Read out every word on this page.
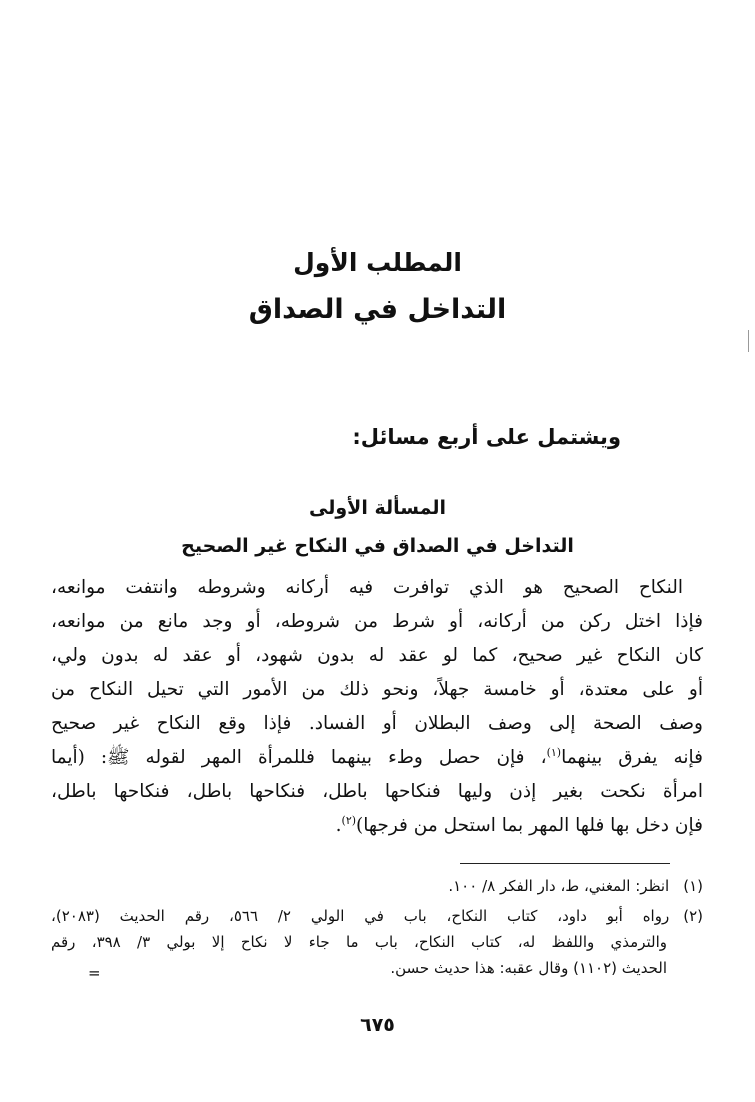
المطلب الأول
التداخل في الصداق
ويشتمل على أربع مسائل:
المسألة الأولى
التداخل في الصداق في النكاح غير الصحيح
النكاح الصحيح هو الذي توافرت فيه أركانه وشروطه وانتفت موانعه،
فإذا اختل ركن من أركانه، أو شرط من شروطه، أو وجد مانع من موانعه،
كان النكاح غير صحيح، كما لو عقد له بدون شهود، أو عقد له بدون ولي،
أو على معتدة، أو خامسة جهلاً، ونحو ذلك من الأمور التي تحيل النكاح من
وصف الصحة إلى وصف البطلان أو الفساد. فإذا وقع النكاح غير صحيح
فإنه يفرق بينهما$^{(١)}$، فإن حصل وطء بينهما فللمرأة المهر لقوله ﷺ: (أيما
امرأة نكحت بغير إذن وليها فنكاحها باطل، فنكاحها باطل، فنكاحها باطل،
فإن دخل بها فلها المهر بما استحل من فرجها)$^{(٢)}$.
(١)انظر: المغني، ط، دار الفكر ٨/ ١٠٠.
(٢)رواه أبو داود، كتاب النكاح، باب في الولي ٢/ ٥٦٦، رقم الحديث (٢٠٨٣)،
والترمذي واللفظ له، كتاب النكاح، باب ما جاء لا نكاح إلا بولي ٣/ ٣٩٨، رقم
الحديث (١١٠٢) وقال عقبه: هذا حديث حسن.
=
٦٧٥
